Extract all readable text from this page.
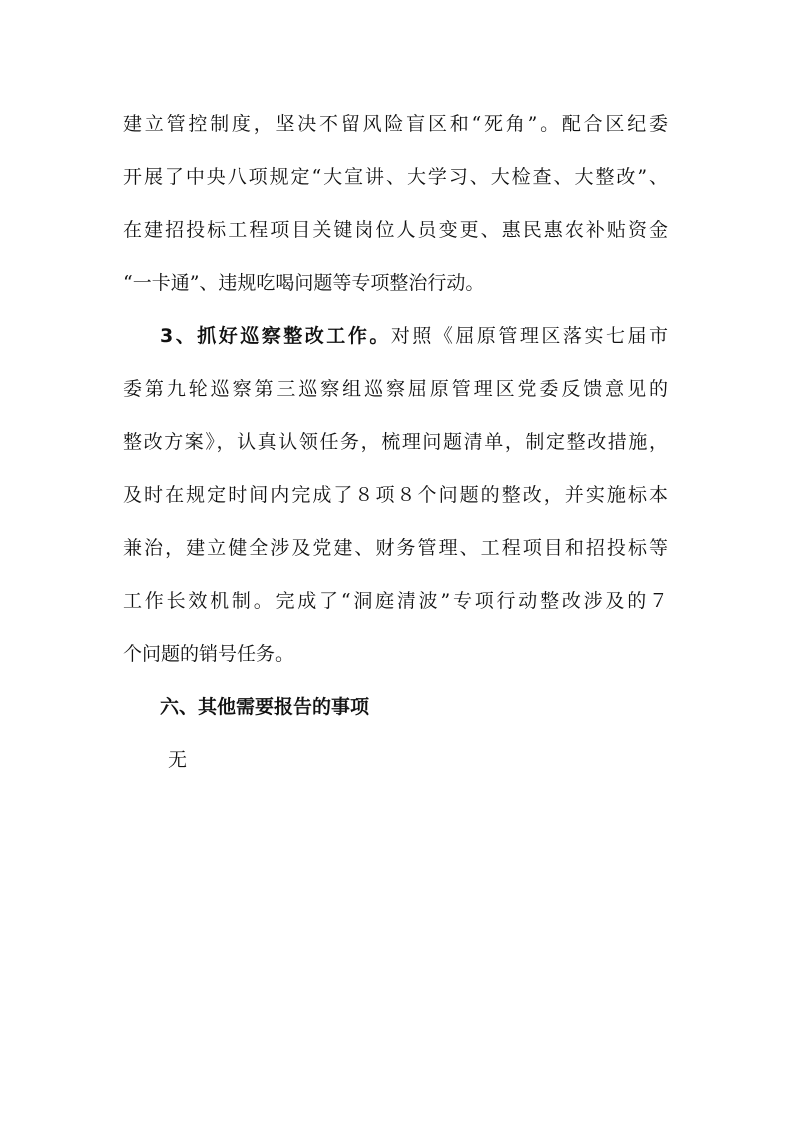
建立管控制度，坚决不留风险盲区和“死角”。配合区纪委
开展了中央八项规定“大宣讲、大学习、大检查、大整改”、
在建招投标工程项目关键岗位人员变更、惠民惠农补贴资金
“一卡通”、违规吃喝问题等专项整治行动。
3、抓好巡察整改工作。对照《屈原管理区落实七届市
委第九轮巡察第三巡察组巡察屈原管理区党委反馈意见的
整改方案》，认真认领任务，梳理问题清单，制定整改措施，
及时在规定时间内完成了８项８个问题的整改，并实施标本
兼治，建立健全涉及党建、财务管理、工程项目和招投标等
工作长效机制。完成了“洞庭清波”专项行动整改涉及的７
个问题的销号任务。
六、其他需要报告的事项
无
